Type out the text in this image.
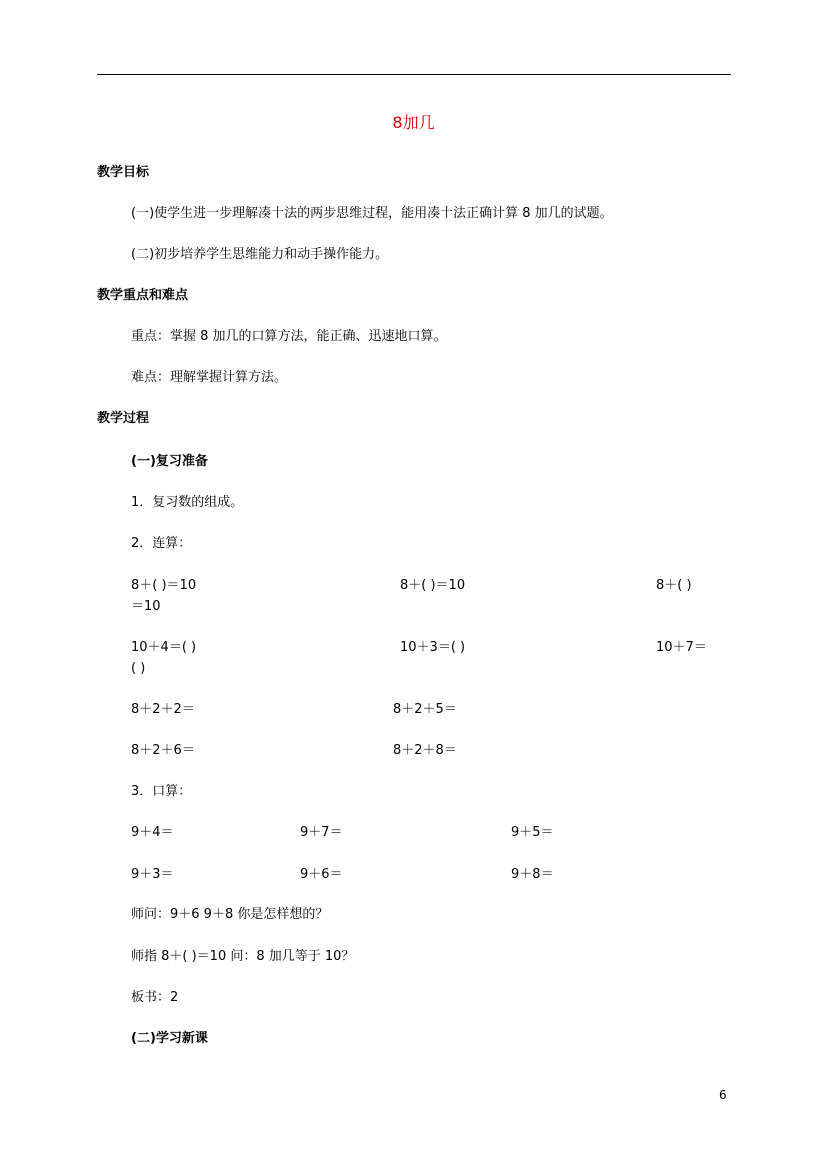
8加几
教学目标
(一)使学生进一步理解凑十法的两步思维过程，能用凑十法正确计算 8 加几的试题。
(二)初步培养学生思维能力和动手操作能力。
教学重点和难点
重点：掌握 8 加几的口算方法，能正确、迅速地口算。
难点：理解掌握计算方法。
教学过程
(一)复习准备
1．复习数的组成。
2．连算：
8＋( )＝10	8＋( )＝10	8＋( )
＝10
10＋4＝( )	10＋3＝( )	10＋7＝
( )
8＋2＋2＝	8＋2＋5＝
8＋2＋6＝	8＋2＋8＝
3．口算：
9＋4＝	9＋7＝	9＋5＝
9＋3＝	9＋6＝	9＋8＝
师问：9＋6 9＋8 你是怎样想的？
师指 8＋( )＝10 问：8 加几等于 10？
板书：2
(二)学习新课
6
